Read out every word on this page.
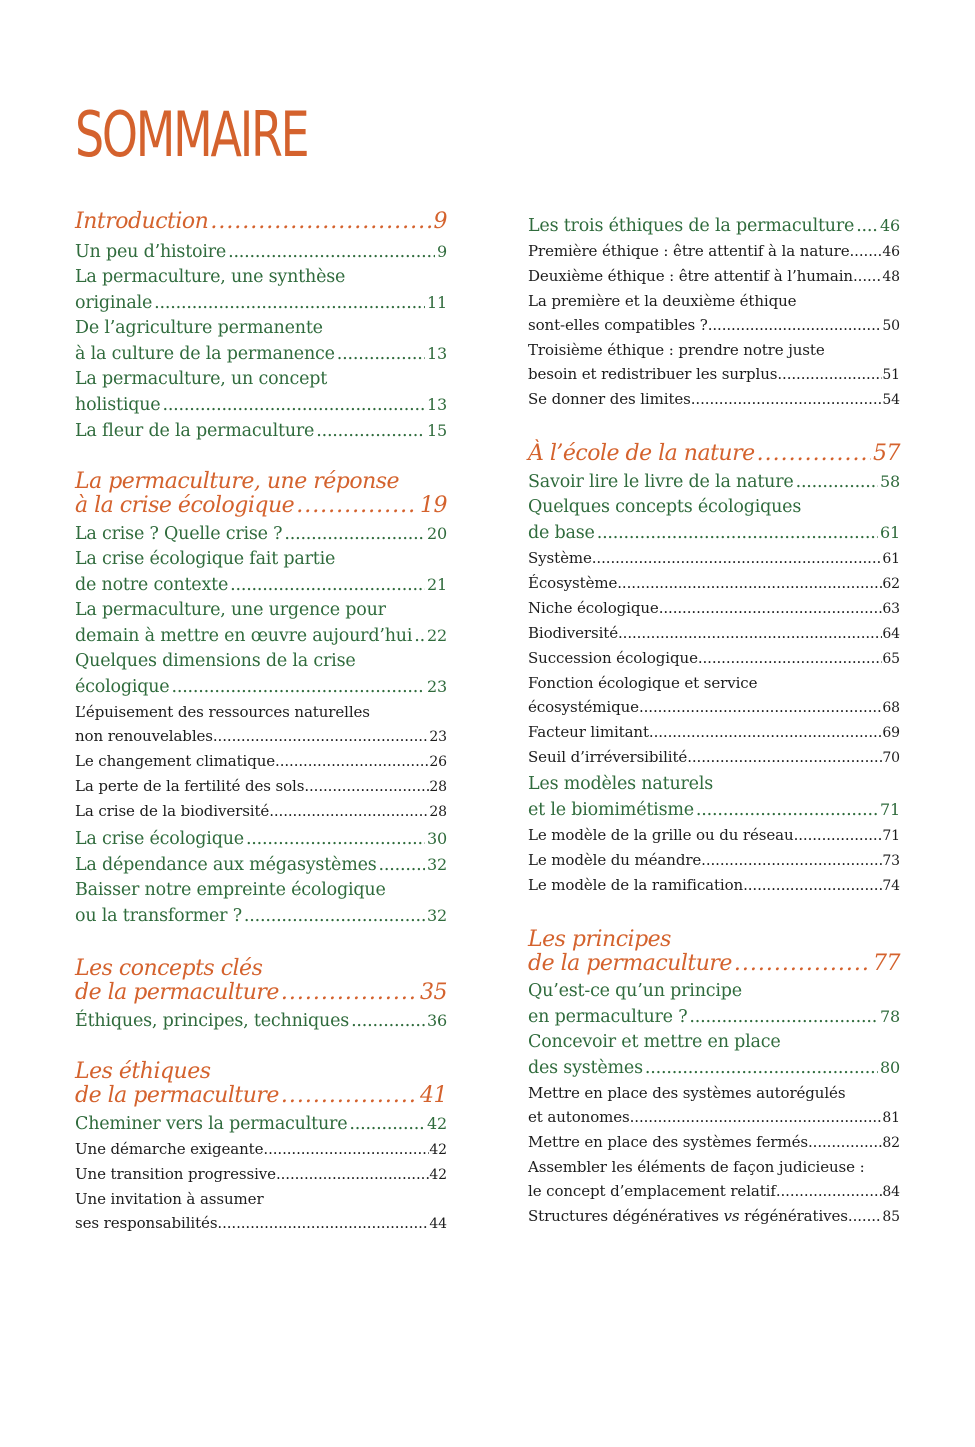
SOMMAIRE
Introduction .....	9
Un peu d’histoire .....	9
La permaculture, une synthèse
originale .....	11
De l’agriculture permanente
à la culture de la permanence .....	13
La permaculture, un concept
holistique .....	13
La fleur de la permaculture .....	15
La permaculture, une réponse
à la crise écologique .....	19
La crise ? Quelle crise ? .....	20
La crise écologique fait partie
de notre contexte .....	21
La permaculture, une urgence pour
demain à mettre en œuvre aujourd’hui ..... 22
Quelques dimensions de la crise
écologique .....	23
L’épuisement des ressources naturelles
non renouvelables .....	23
Le changement climatique .....	26
La perte de la fertilité des sols .....	28
La crise de la biodiversité .....	28
La crise écologique .....	30
La dépendance aux mégasystèmes .....	32
Baisser notre empreinte écologique
ou la transformer ? .....	32
Les concepts clés
de la permaculture .....	35
Éthiques, principes, techniques .....	36
Les éthiques
de la permaculture .....	41
Cheminer vers la permaculture .....	42
Une démarche exigeante .....	42
Une transition progressive .....	42
Une invitation à assumer
ses responsabilités .....	44
Les trois éthiques de la permaculture ..... 46
Première éthique : être attentif à la nature ..... 46
Deuxième éthique : être attentif à l’humain ..... 48
La première et la deuxième éthique
sont-elles compatibles ? .....	50
Troisième éthique : prendre notre juste
besoin et redistribuer les surplus .....	51
Se donner des limites .....	54
À l’école de la nature .....	57
Savoir lire le livre de la nature .....	58
Quelques concepts écologiques
de base .....	61
Système .....	61
Écosystème .....	62
Niche écologique .....	63
Biodiversité .....	64
Succession écologique .....	65
Fonction écologique et service
écosystémique .....	68
Facteur limitant .....	69
Seuil d’irréversibilité .....	70
Les modèles naturels
et le biomimétisme .....	71
Le modèle de la grille ou du réseau .....	71
Le modèle du méandre .....	73
Le modèle de la ramification .....	74
Les principes
de la permaculture .....	77
Qu’est-ce qu’un principe
en permaculture ? .....	78
Concevoir et mettre en place
des systèmes .....	80
Mettre en place des systèmes autorégulés
et autonomes .....	81
Mettre en place des systèmes fermés .....	82
Assembler les éléments de façon judicieuse :
le concept d’emplacement relatif .....	84
Structures dégénératives vs régénératives ..... 85
